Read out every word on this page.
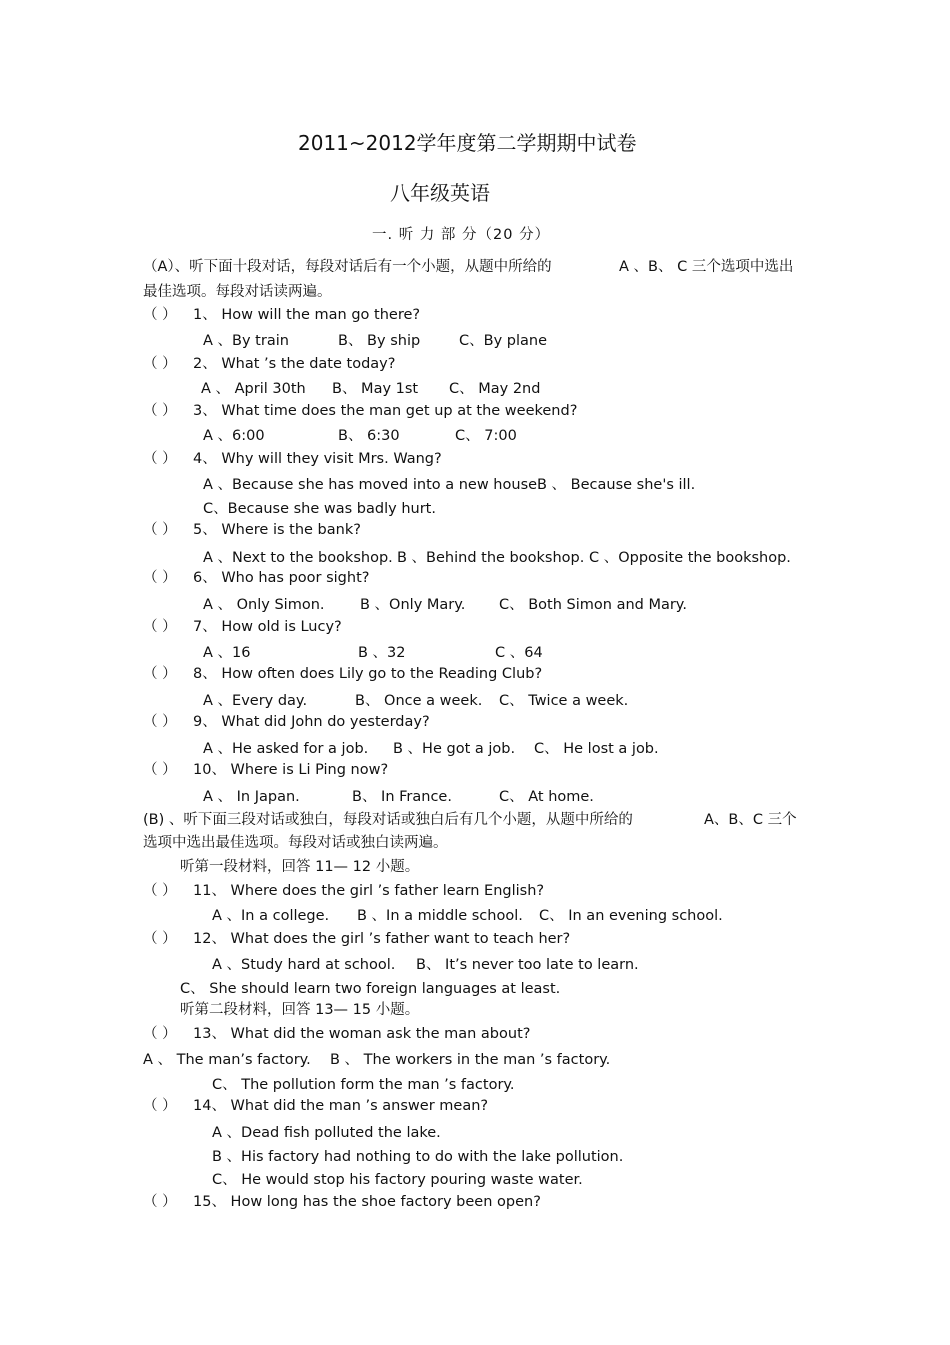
2011~2012学年度第二学期期中试卷
八年级英语
一. 听 力 部 分（20 分）
（A）、听下面十段对话，每段对话后有一个小题，从题中所给的	A 、B、 C 三个选项中选出
最佳选项。每段对话读两遍。
（ ） 1、 How will the man go there?
A 、By train	B、 By ship	C、By plane
（ ） 2、 What ’s the date today?
A 、 April 30th B、 May 1st C、 May 2nd
（ ） 3、 What time does the man get up at the weekend?
A 、6:00	B、 6:30	C、 7:00
（ ） 4、 Why will they visit Mrs. Wang?
A 、Because she has moved into a new house.
B 、 Because she's ill.
C、Because she was badly hurt.
（ ） 5、 Where is the bank?
A 、Next to the bookshop. B 、Behind the bookshop. C 、Opposite the bookshop.
（ ） 6、 Who has poor sight?
A 、 Only Simon. B 、Only Mary. C、 Both Simon and Mary.
（ ） 7、 How old is Lucy?
A 、16	B 、32	C 、64
（ ） 8、 How often does Lily go to the Reading Club?
A 、Every day.	B、 Once a week. C、 Twice a week.
（ ） 9、 What did John do yesterday?
A 、He asked for a job. B 、He got a job. C、 He lost a job.
（ ） 10、 Where is Li Ping now?
A 、 In Japan.	B、 In France.	C、 At home.
(B) 、听下面三段对话或独白，每段对话或独白后有几个小题，从题中所给的	A、B、C 三个
选项中选出最佳选项。每段对话或独白读两遍。
听第一段材料，回答 11— 12 小题。
（ ） 11、 Where does the girl ’s father learn English?
A 、In a college. B 、In a middle school. C、 In an evening school.
（ ） 12、 What does the girl ’s father want to teach her?
A 、Study hard at school. B、 It’s never too late to learn.
C、 She should learn two foreign languages at least.
听第二段材料，回答 13— 15 小题。
（ ） 13、 What did the woman ask the man about?
A 、 The man’s factory. B 、 The workers in the man ’s factory.
C、 The pollution form the man ’s factory.
（ ） 14、 What did the man ’s answer mean?
A 、Dead fish polluted the lake.
B 、His factory had nothing to do with the lake pollution.
C、 He would stop his factory pouring waste water.
（ ） 15、 How long has the shoe factory been open?
